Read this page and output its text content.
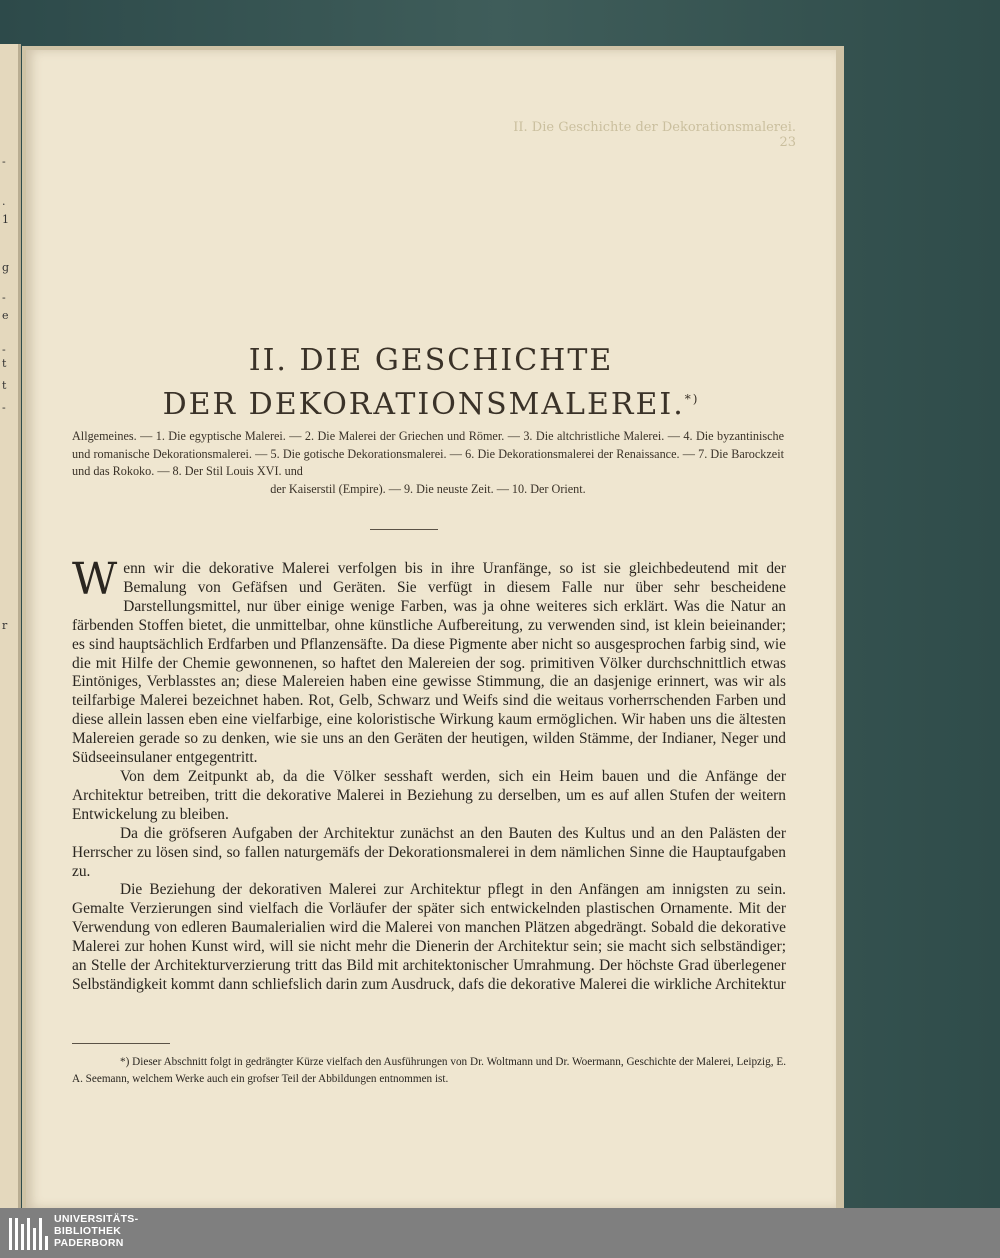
-
.
1
g
-
e
-
t
t
-
r
II. Die Geschichte der Dekorationsmalerei. 23
II. DIE GESCHICHTE
DER DEKORATIONSMALEREI.*)
Allgemeines. — 1. Die egyptische Malerei. — 2. Die Malerei der Griechen und Römer. — 3. Die altchristliche Malerei. — 4. Die byzantinische und romanische Dekorationsmalerei. — 5. Die gotische Dekorationsmalerei. — 6. Die Dekorationsmalerei der Renaissance. — 7. Die Barockzeit und das Rokoko. — 8. Der Stil Louis XVI. und
der Kaiserstil (Empire). — 9. Die neuste Zeit. — 10. Der Orient.

Wenn wir die dekorative Malerei verfolgen bis in ihre Uranfänge, so ist sie gleichbedeutend mit der Bemalung von Gefäfsen und Geräten. Sie verfügt in diesem Falle nur über sehr bescheidene Darstellungsmittel, nur über einige wenige Farben, was ja ohne weiteres sich erklärt. Was die Natur an färbenden Stoffen bietet, die unmittelbar, ohne künstliche Aufbereitung, zu verwenden sind, ist klein beieinander; es sind hauptsächlich Erdfarben und Pflanzensäfte. Da diese Pigmente aber nicht so ausgesprochen farbig sind, wie die mit Hilfe der Chemie gewonnenen, so haftet den Malereien der sog. primitiven Völker durchschnittlich etwas Eintöniges, Verblasstes an; diese Malereien haben eine gewisse Stimmung, die an dasjenige erinnert, was wir als teilfarbige Malerei bezeichnet haben. Rot, Gelb, Schwarz und Weifs sind die weitaus vorherrschenden Farben und diese allein lassen eben eine vielfarbige, eine koloristische Wirkung kaum ermöglichen. Wir haben uns die ältesten Malereien gerade so zu denken, wie sie uns an den Geräten der heutigen, wilden Stämme, der Indianer, Neger und Südseeinsulaner entgegentritt.

Von dem Zeitpunkt ab, da die Völker sesshaft werden, sich ein Heim bauen und die Anfänge der Architektur betreiben, tritt die dekorative Malerei in Beziehung zu derselben, um es auf allen Stufen der weitern Entwickelung zu bleiben.

Da die gröfseren Aufgaben der Architektur zunächst an den Bauten des Kultus und an den Palästen der Herrscher zu lösen sind, so fallen naturgemäfs der Dekorationsmalerei in dem nämlichen Sinne die Hauptaufgaben zu.

Die Beziehung der dekorativen Malerei zur Architektur pflegt in den Anfängen am innigsten zu sein. Gemalte Verzierungen sind vielfach die Vorläufer der später sich entwickelnden plastischen Ornamente. Mit der Verwendung von edleren Baumalerialien wird die Malerei von manchen Plätzen abgedrängt. Sobald die dekorative Malerei zur hohen Kunst wird, will sie nicht mehr die Dienerin der Architektur sein; sie macht sich selbständiger; an Stelle der Architekturverzierung tritt das Bild mit architektonischer Umrahmung. Der höchste Grad überlegener Selbständigkeit kommt dann schliefslich darin zum Ausdruck, dafs die dekorative Malerei die wirkliche Architektur

*) Dieser Abschnitt folgt in gedrängter Kürze vielfach den Ausführungen von Dr. Woltmann und Dr. Woermann, Geschichte der Malerei, Leipzig, E. A. Seemann, welchem Werke auch ein grofser Teil der Abbildungen entnommen ist.
UNIVERSITÄTS-
BIBLIOTHEK
PADERBORN
